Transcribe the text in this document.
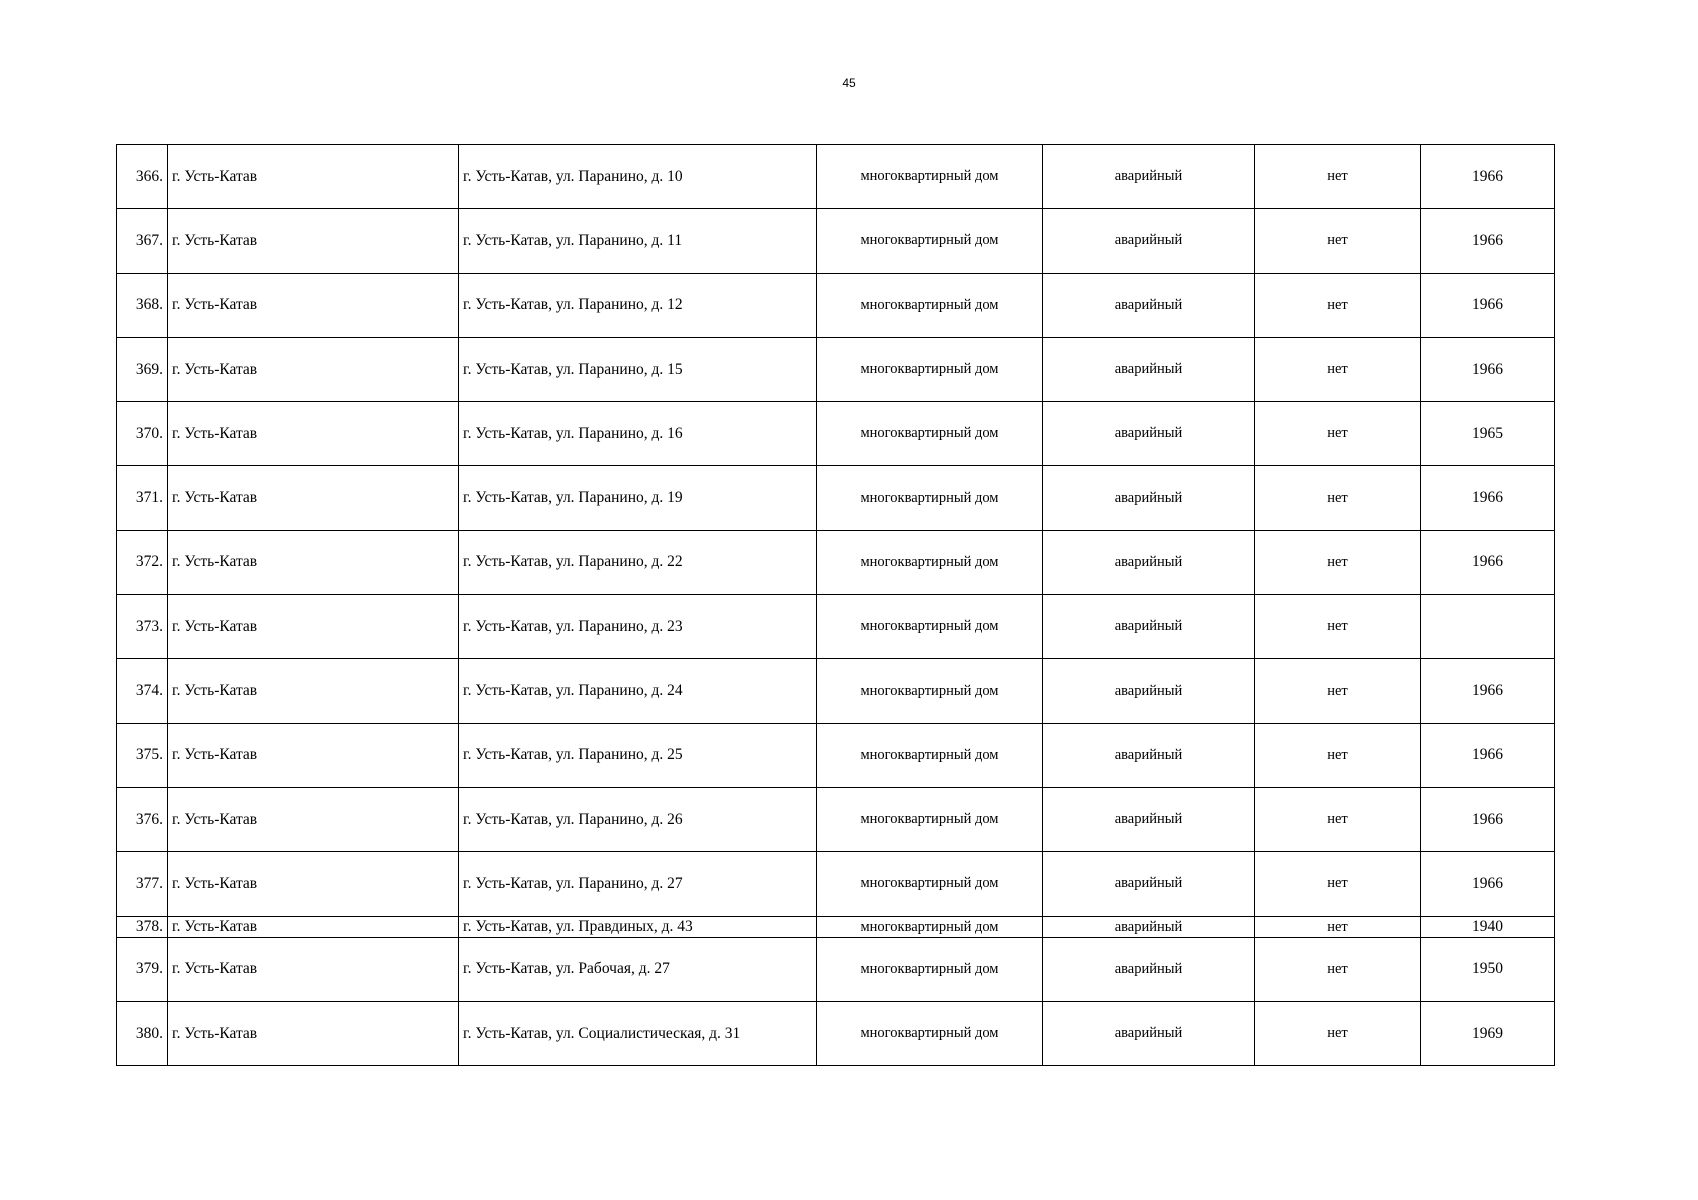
45
366.	г. Усть-Катав	г. Усть-Катав, ул. Паранино, д. 10	многоквартирный дом	аварийный	нет	1966
367.	г. Усть-Катав	г. Усть-Катав, ул. Паранино, д. 11	многоквартирный дом	аварийный	нет	1966
368.	г. Усть-Катав	г. Усть-Катав, ул. Паранино, д. 12	многоквартирный дом	аварийный	нет	1966
369.	г. Усть-Катав	г. Усть-Катав, ул. Паранино, д. 15	многоквартирный дом	аварийный	нет	1966
370.	г. Усть-Катав	г. Усть-Катав, ул. Паранино, д. 16	многоквартирный дом	аварийный	нет	1965
371.	г. Усть-Катав	г. Усть-Катав, ул. Паранино, д. 19	многоквартирный дом	аварийный	нет	1966
372.	г. Усть-Катав	г. Усть-Катав, ул. Паранино, д. 22	многоквартирный дом	аварийный	нет	1966
373.	г. Усть-Катав	г. Усть-Катав, ул. Паранино, д. 23	многоквартирный дом	аварийный	нет	
374.	г. Усть-Катав	г. Усть-Катав, ул. Паранино, д. 24	многоквартирный дом	аварийный	нет	1966
375.	г. Усть-Катав	г. Усть-Катав, ул. Паранино, д. 25	многоквартирный дом	аварийный	нет	1966
376.	г. Усть-Катав	г. Усть-Катав, ул. Паранино, д. 26	многоквартирный дом	аварийный	нет	1966
377.	г. Усть-Катав	г. Усть-Катав, ул. Паранино, д. 27	многоквартирный дом	аварийный	нет	1966
378.	г. Усть-Катав	г. Усть-Катав, ул. Правдиных, д. 43	многоквартирный дом	аварийный	нет	1940
379.	г. Усть-Катав	г. Усть-Катав, ул. Рабочая, д. 27	многоквартирный дом	аварийный	нет	1950
380.	г. Усть-Катав	г. Усть-Катав, ул. Социалистическая, д. 31	многоквартирный дом	аварийный	нет	1969
